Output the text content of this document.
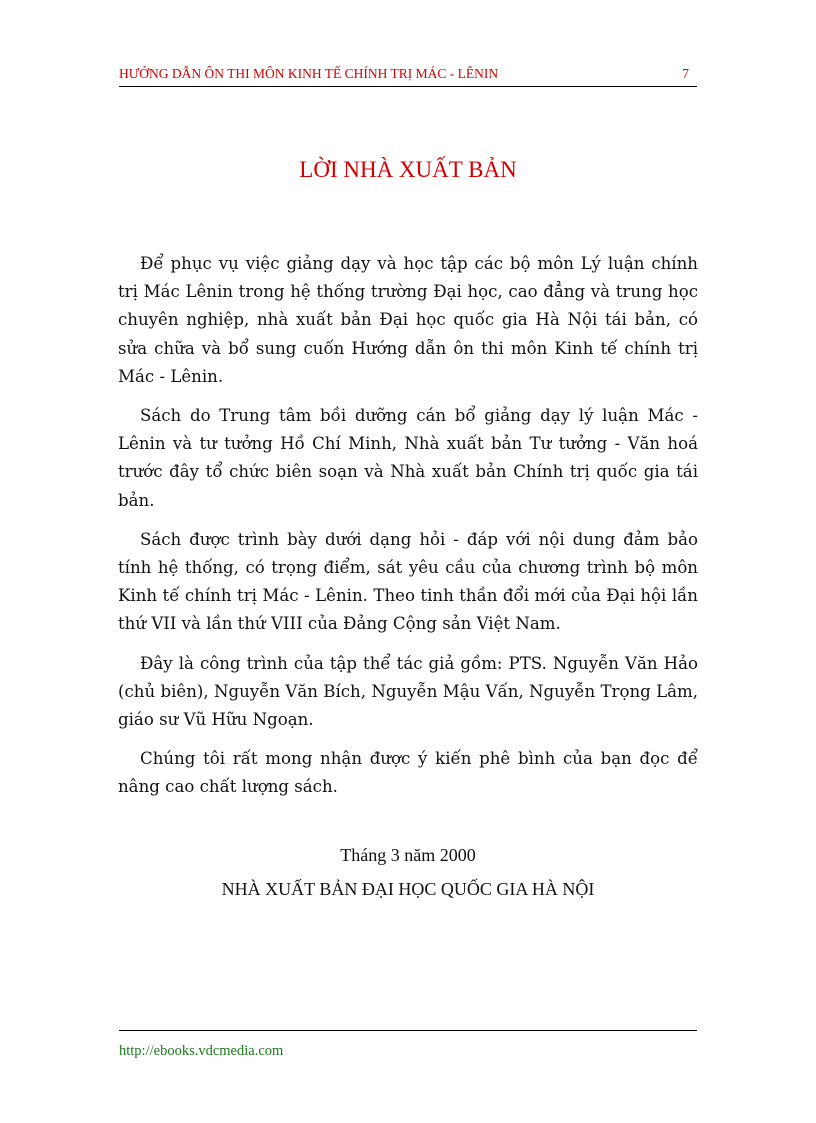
HƯỚNG DẪN ÔN THI MÔN KINH TẾ CHÍNH TRỊ MÁC - LÊNIN	7
LỜI NHÀ XUẤT BẢN

Để phục vụ việc giảng dạy và học tập các bộ môn Lý luận chính trị Mác Lênin trong hệ thống trường Đại học, cao đẳng và trung học chuyên nghiệp, nhà xuất bản Đại học quốc gia Hà Nội tái bản, có sửa chữa và bổ sung cuốn Hướng dẫn ôn thi môn Kinh tế chính trị Mác - Lênin.

Sách do Trung tâm bồi dưỡng cán bổ giảng dạy lý luận Mác - Lênin và tư tưởng Hồ Chí Minh, Nhà xuất bản Tư tưởng - Văn hoá trước đây tổ chức biên soạn và Nhà xuất bản Chính trị quốc gia tái bản.

Sách được trình bày dưới dạng hỏi - đáp với nội dung đảm bảo tính hệ thống, có trọng điểm, sát yêu cầu của chương trình bộ môn Kinh tế chính trị Mác - Lênin. Theo tinh thần đổi mới của Đại hội lần thứ VII và lần thứ VIII của Đảng Cộng sản Việt Nam.

Đây là công trình của tập thể tác giả gồm: PTS. Nguyễn Văn Hảo (chủ biên), Nguyễn Văn Bích, Nguyễn Mậu Vấn, Nguyễn Trọng Lâm, giáo sư Vũ Hữu Ngoạn.

Chúng tôi rất mong nhận được ý kiến phê bình của bạn đọc để nâng cao chất lượng sách.

Tháng 3 năm 2000
NHÀ XUẤT BẢN ĐẠI HỌC QUỐC GIA HÀ NỘI
http://ebooks.vdcmedia.com
